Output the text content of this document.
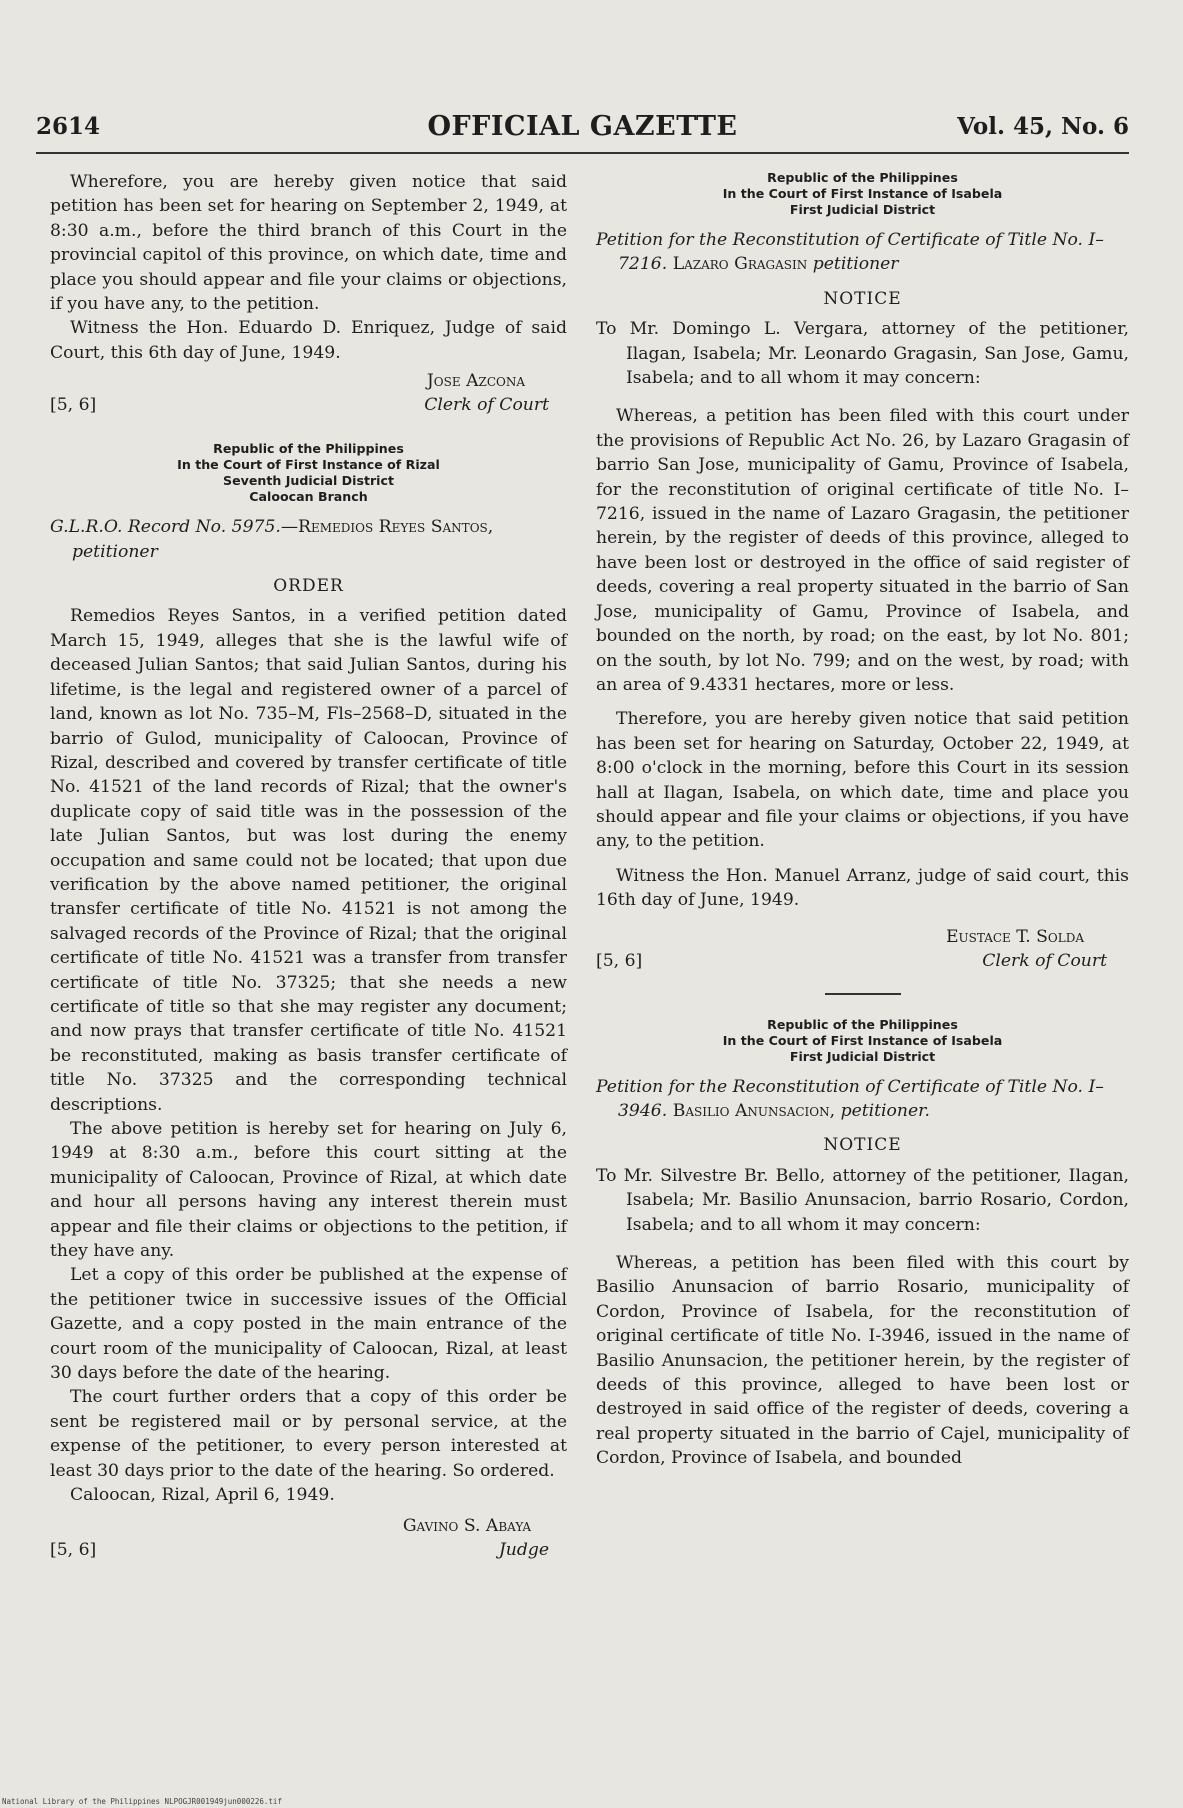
2614	OFFICIAL GAZETTE	Vol. 45, No. 6

Wherefore, you are hereby given notice that said petition has been set for hearing on September 2, 1949, at 8:30 a.m., before the third branch of this Court in the provincial capitol of this province, on which date, time and place you should appear and file your claims or objections, if you have any, to the petition.

Witness the Hon. Eduardo D. Enriquez, Judge of said Court, this 6th day of June, 1949.

Jose Azcona
Clerk of Court
[5, 6]
Republic of the Philippines
In the Court of First Instance of Rizal
Seventh Judicial District
Caloocan Branch

G.L.R.O. Record No. 5975.—Remedios Reyes Santos, petitioner

ORDER

Remedios Reyes Santos, in a verified petition dated March 15, 1949, alleges that she is the lawful wife of deceased Julian Santos; that said Julian Santos, during his lifetime, is the legal and registered owner of a parcel of land, known as lot No. 735–M, Fls–2568–D, situated in the barrio of Gulod, municipality of Caloocan, Province of Rizal, described and covered by transfer certificate of title No. 41521 of the land records of Rizal; that the owner's duplicate copy of said title was in the possession of the late Julian Santos, but was lost during the enemy occupation and same could not be located; that upon due verification by the above named petitioner, the original transfer certificate of title No. 41521 is not among the salvaged records of the Province of Rizal; that the original certificate of title No. 41521 was a transfer from transfer certificate of title No. 37325; that she needs a new certificate of title so that she may register any document; and now prays that transfer certificate of title No. 41521 be reconstituted, making as basis transfer certificate of title No. 37325 and the corresponding technical descriptions.

The above petition is hereby set for hearing on July 6, 1949 at 8:30 a.m., before this court sitting at the municipality of Caloocan, Province of Rizal, at which date and hour all persons having any interest therein must appear and file their claims or objections to the petition, if they have any.

Let a copy of this order be published at the expense of the petitioner twice in successive issues of the Official Gazette, and a copy posted in the main entrance of the court room of the municipality of Caloocan, Rizal, at least 30 days before the date of the hearing.

The court further orders that a copy of this order be sent be registered mail or by personal service, at the expense of the petitioner, to every person interested at least 30 days prior to the date of the hearing. So ordered.

Caloocan, Rizal, April 6, 1949.

Gavino S. Abaya
Judge
[5, 6]
Republic of the Philippines
In the Court of First Instance of Isabela
First Judicial District

Petition for the Reconstitution of Certificate of Title No. I–7216. Lazaro Gragasin petitioner

NOTICE

To Mr. Domingo L. Vergara, attorney of the petitioner, Ilagan, Isabela; Mr. Leonardo Gragasin, San Jose, Gamu, Isabela; and to all whom it may concern:

Whereas, a petition has been filed with this court under the provisions of Republic Act No. 26, by Lazaro Gragasin of barrio San Jose, municipality of Gamu, Province of Isabela, for the reconstitution of original certificate of title No. I–7216, issued in the name of Lazaro Gragasin, the petitioner herein, by the register of deeds of this province, alleged to have been lost or destroyed in the office of said register of deeds, covering a real property situated in the barrio of San Jose, municipality of Gamu, Province of Isabela, and bounded on the north, by road; on the east, by lot No. 801; on the south, by lot No. 799; and on the west, by road; with an area of 9.4331 hectares, more or less.

Therefore, you are hereby given notice that said petition has been set for hearing on Saturday, October 22, 1949, at 8:00 o'clock in the morning, before this Court in its session hall at Ilagan, Isabela, on which date, time and place you should appear and file your claims or objections, if you have any, to the petition.

Witness the Hon. Manuel Arranz, judge of said court, this 16th day of June, 1949.

Eustace T. Solda
Clerk of Court
[5, 6]
Republic of the Philippines
In the Court of First Instance of Isabela
First Judicial District

Petition for the Reconstitution of Certificate of Title No. I–3946. Basilio Anunsacion, petitioner.

NOTICE

To Mr. Silvestre Br. Bello, attorney of the petitioner, Ilagan, Isabela; Mr. Basilio Anunsacion, barrio Rosario, Cordon, Isabela; and to all whom it may concern:

Whereas, a petition has been filed with this court by Basilio Anunsacion of barrio Rosario, municipality of Cordon, Province of Isabela, for the reconstitution of original certificate of title No. I-3946, issued in the name of Basilio Anunsacion, the petitioner herein, by the register of deeds of this province, alleged to have been lost or destroyed in said office of the register of deeds, covering a real property situated in the barrio of Cajel, municipality of Cordon, Province of Isabela, and bounded

National Library of the Philippines NLPOGJR001949jun000226.tif
